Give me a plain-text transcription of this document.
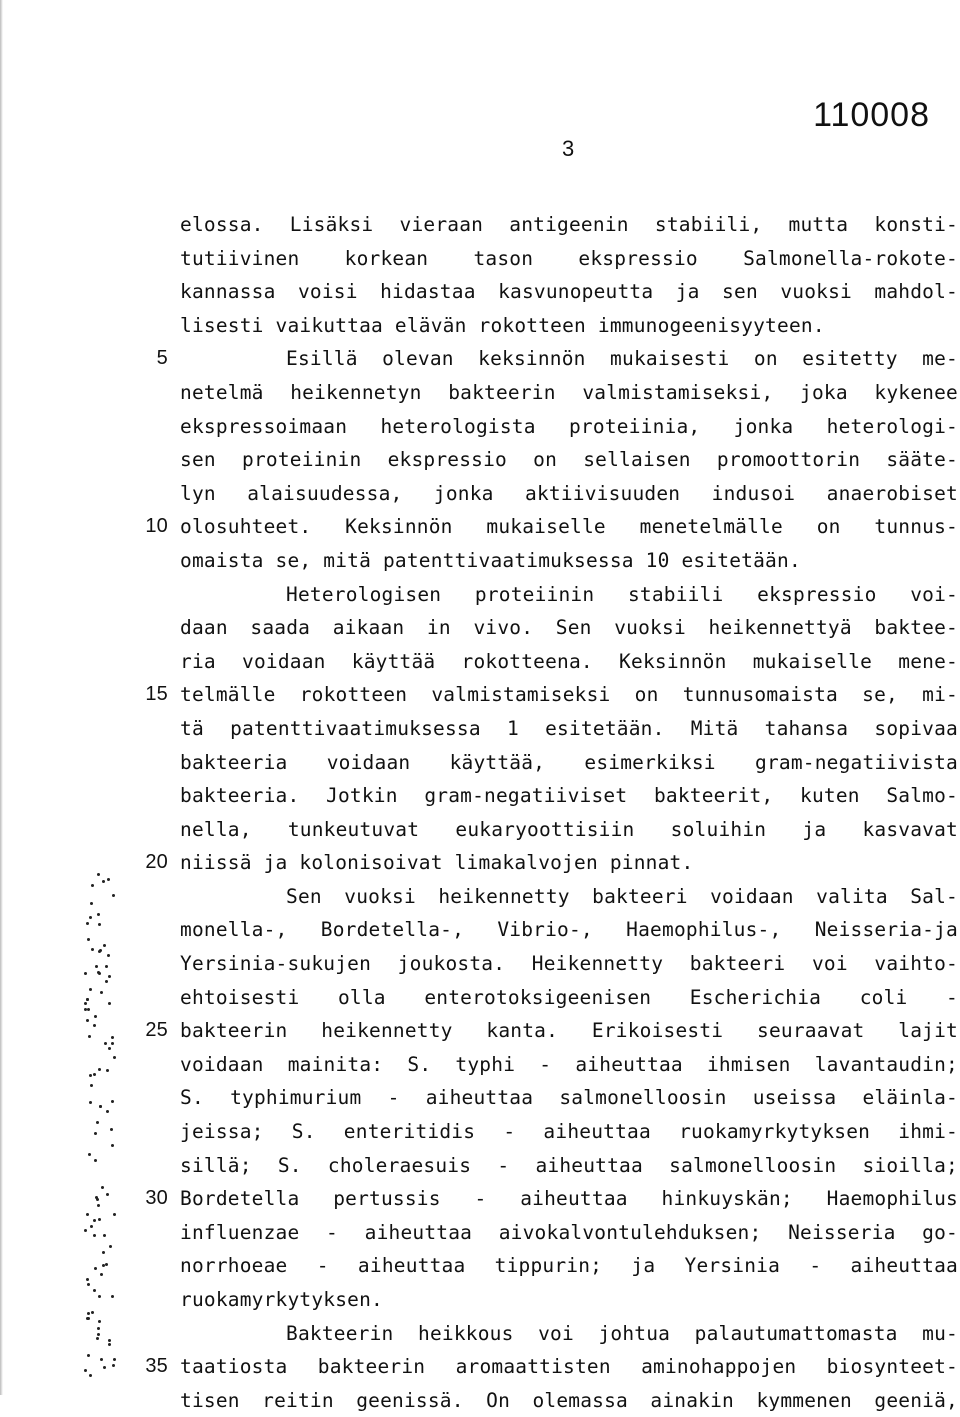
110008
3
elossa. Lisäksi vieraan antigeenin stabiili, mutta konsti-
tutiivinen korkean tason ekspressio Salmonella-rokote-
kannassa voisi hidastaa kasvunopeutta ja sen vuoksi mahdol-
lisesti vaikuttaa elävän rokotteen immunogeenisyyteen.
5	Esillä olevan keksinnön mukaisesti on esitetty me-
netelmä heikennetyn bakteerin valmistamiseksi, joka kykenee
ekspressoimaan heterologista proteiinia, jonka heterologi-
sen proteiinin ekspressio on sellaisen promoottorin sääte-
lyn alaisuudessa, jonka aktiivisuuden indusoi anaerobiset
10 olosuhteet. Keksinnön mukaiselle menetelmälle on tunnus-
omaista se, mitä patenttivaatimuksessa 10 esitetään.
Heterologisen proteiinin stabiili ekspressio voi-
daan saada aikaan in vivo. Sen vuoksi heikennettyä baktee-
ria voidaan käyttää rokotteena. Keksinnön mukaiselle mene-
15 telmälle rokotteen valmistamiseksi on tunnusomaista se, mi-
tä patenttivaatimuksessa 1 esitetään. Mitä tahansa sopivaa
bakteeria voidaan käyttää, esimerkiksi gram-negatiivista
bakteeria. Jotkin gram-negatiiviset bakteerit, kuten Salmo-
nella, tunkeutuvat eukaryoottisiin soluihin ja kasvavat
20 niissä ja kolonisoivat limakalvojen pinnat.
Sen vuoksi heikennetty bakteeri voidaan valita Sal-
monella-, Bordetella-, Vibrio-, Haemophilus-, Neisseria-ja
Yersinia-sukujen joukosta. Heikennetty bakteeri voi vaihto-
ehtoisesti olla enterotoksigeenisen Escherichia coli -
25 bakteerin heikennetty kanta. Erikoisesti seuraavat lajit
voidaan mainita: S. typhi - aiheuttaa ihmisen lavantaudin;
S. typhimurium - aiheuttaa salmonelloosin useissa eläinla-
jeissa; S. enteritidis - aiheuttaa ruokamyrkytyksen ihmi-
sillä; S. choleraesuis - aiheuttaa salmonelloosin sioilla;
30 Bordetella pertussis - aiheuttaa hinkuyskän; Haemophilus
influenzae - aiheuttaa aivokalvontulehduksen; Neisseria go-
norrhoeae - aiheuttaa tippurin; ja Yersinia - aiheuttaa
ruokamyrkytyksen.
Bakteerin heikkous voi johtua palautumattomasta mu-
35 taatiosta bakteerin aromaattisten aminohappojen biosynteet-
tisen reitin geenissä. On olemassa ainakin kymmenen geeniä,
